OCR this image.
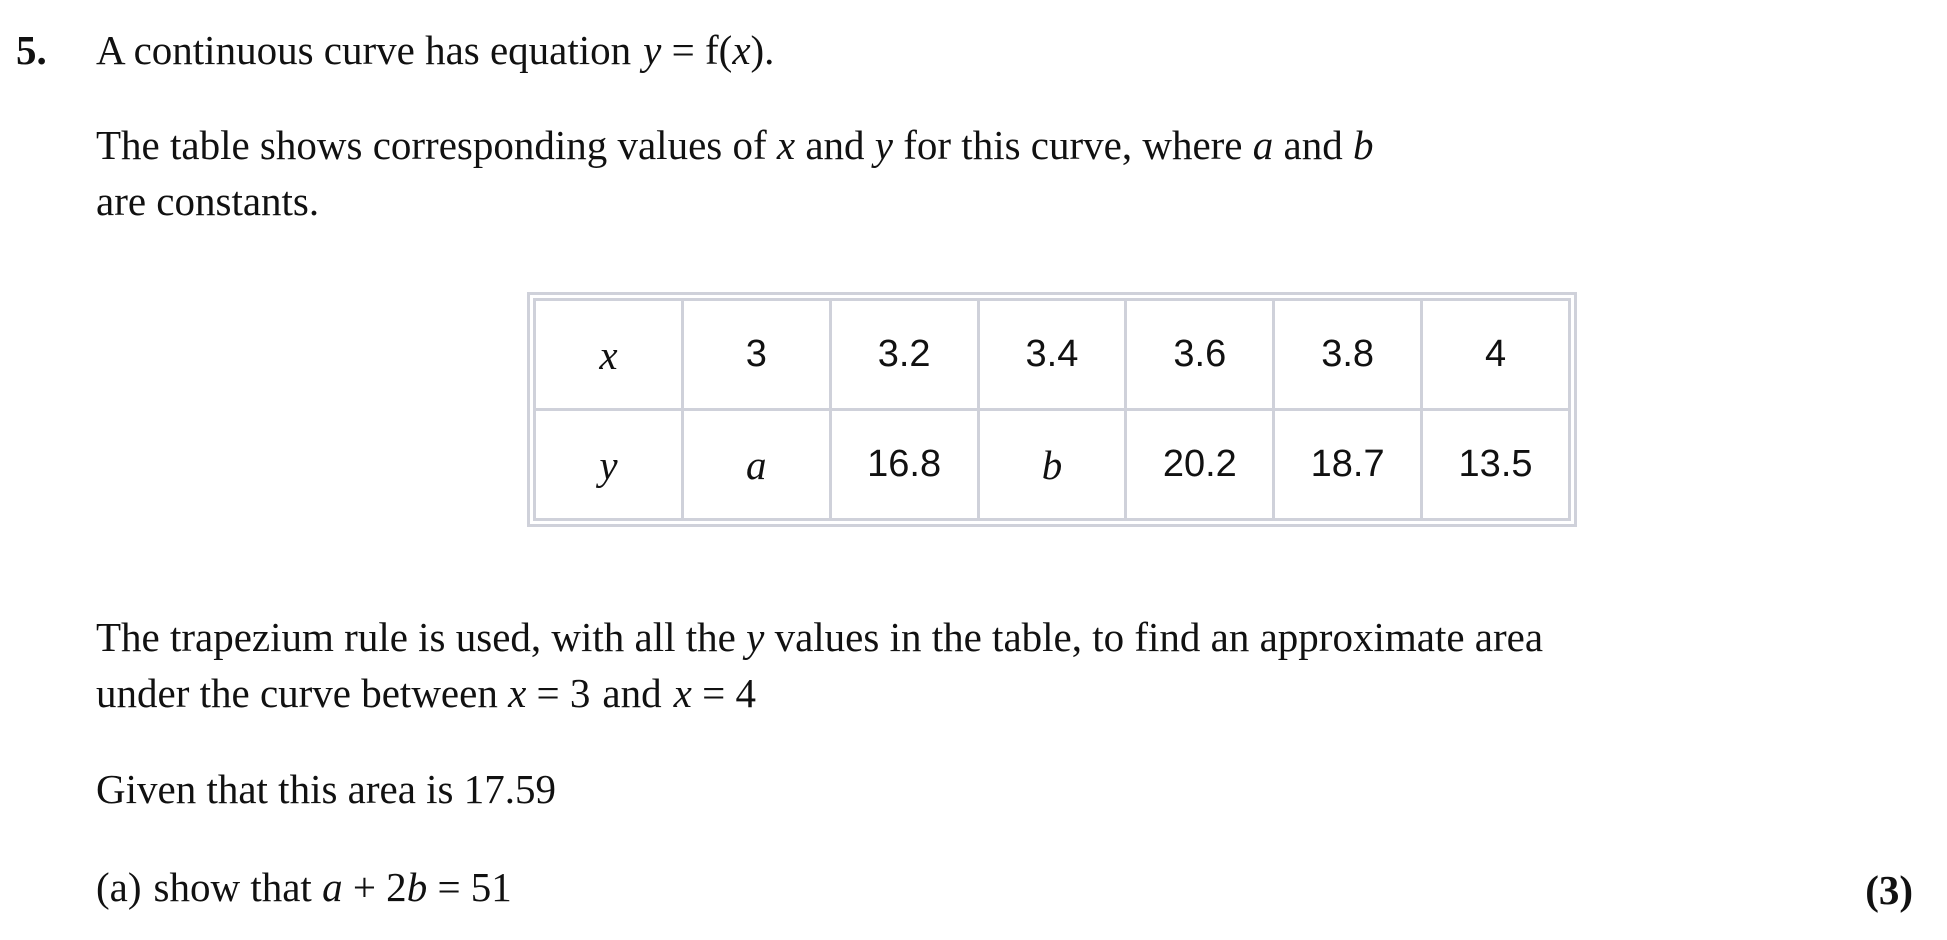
5. A continuous curve has equation y = f(x).
The table shows corresponding values of x and y for this curve, where a and b
are constants.
x	3	3.2	3.4	3.6	3.8	4
y	a	16.8	b	20.2	18.7	13.5
The trapezium rule is used, with all the y values in the table, to find an approximate area
under the curve between x = 3 and x = 4
Given that this area is 17.59
(a) show that a + 2b = 51	(3)
